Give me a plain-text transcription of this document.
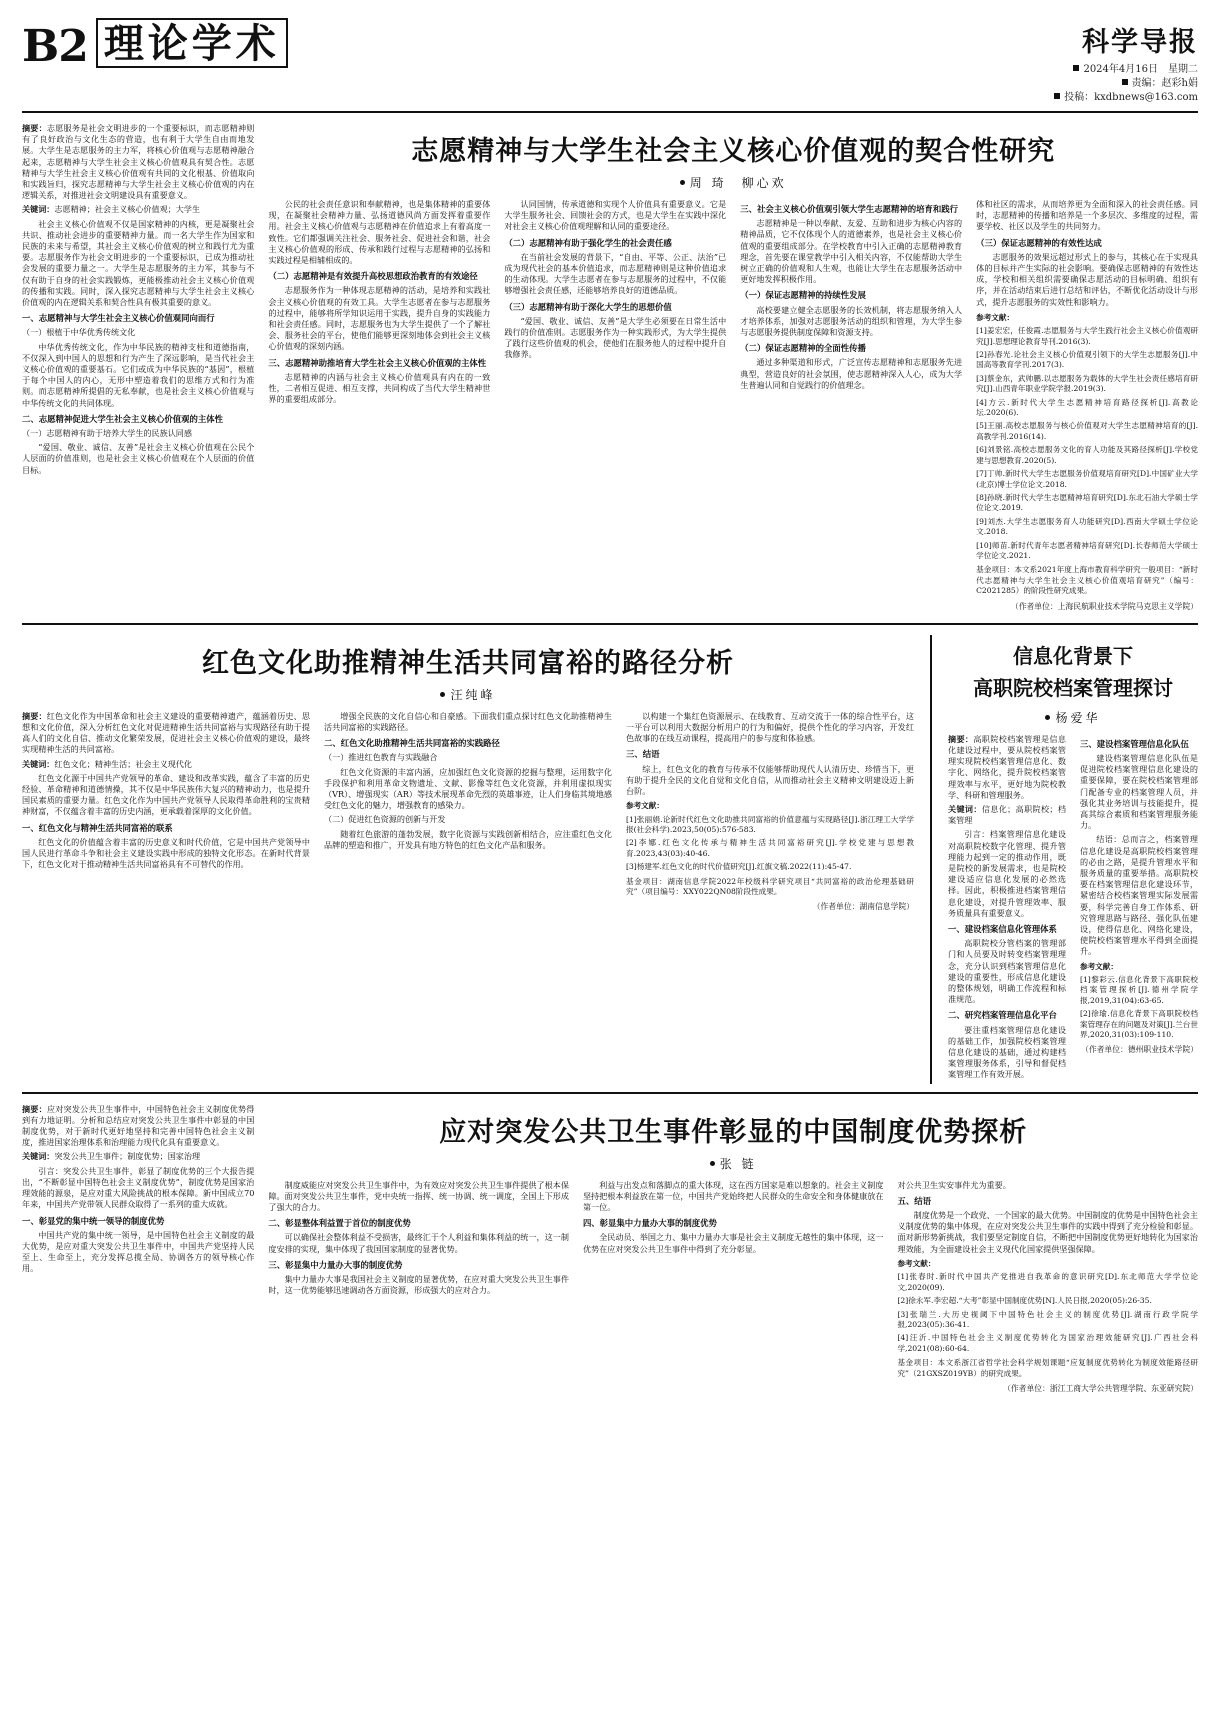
B2 理论学术	科学导报
2024年4月16日　星期二
责编：赵彩һ娟
投稿：kxdbnews@163.com

摘要：志愿服务是社会文明进步的一个重要标识，而志愿精神则有了良好政治与文化生态的营造，也有利于大学生自由而地发展。大学生是志愿服务的主力军，将核心价值观与志愿精神融合起来，志愿精神与大学生社会主义核心价值观具有契合性。志愿精神与大学生社会主义核心价值观有共同的文化根基、价值取向和实践旨归，探究志愿精神与大学生社会主义核心价值观的内在逻辑关系，对推进社会文明建设具有重要意义。

关键词：志愿精神；社会主义核心价值观；大学生

社会主义核心价值观不仅是国家精神的内核，更是凝聚社会共识、推动社会进步的重要精神力量。而一名大学生作为国家和民族的未来与希望，其社会主义核心价值观的树立和践行尤为重要。志愿服务作为社会文明进步的一个重要标识，已成为推动社会发展的重要力量之一。大学生是志愿服务的主力军，其参与不仅有助于自身的社会实践锻炼，更能极推动社会主义核心价值观的传播和实践。同时，深入探究志愿精神与大学生社会主义核心价值观的内在逻辑关系和契合性具有极其重要的意义。

一、志愿精神与大学生社会主义核心价值观同向而行

（一）根植于中华优秀传统文化

中华优秀传统文化，作为中华民族的精神支柱和道德指南，不仅深入到中国人的思想和行为产生了深远影响，是当代社会主义核心价值观的重要基石。它们或成为中华民族的“基因”，根植于每个中国人的内心，无形中塑造着我们的思维方式和行为准则。而志愿精神所提倡的无私奉献，也是社会主义核心价值观与中华传统文化的共同体现。

二、志愿精神促进大学生社会主义核心价值观的主体性

（一）志愿精神有助于培养大学生的民族认同感

“爱国、敬业、诚信、友善”是社会主义核心价值观在公民个人层面的价值准则，也是社会主义核心价值观在个人层面的价值目标。

志愿精神与大学生社会主义核心价值观的契合性研究
周 琦　柳心欢

公民的社会责任意识和奉献精神，也是集体精神的重要体现，在凝聚社会精神力量、弘扬道德风尚方面发挥着重要作用。社会主义核心价值观与志愿精神在价值追求上有着高度一致性。它们都强调关注社会、服务社会、促进社会和谐，社会主义核心价值观的形成、传承和践行过程与志愿精神的弘扬和实践过程是相辅相成的。

（二）志愿精神是有效提升高校思想政治教育的有效途径

志愿服务作为一种体现志愿精神的活动，是培养和实践社会主义核心价值观的有效工具。大学生志愿者在参与志愿服务的过程中，能够将所学知识运用于实践，提升自身的实践能力和社会责任感。同时，志愿服务也为大学生提供了一个了解社会、服务社会的平台，使他们能够更深刻地体会到社会主义核心价值观的深刻内涵。

三、志愿精神助推培育大学生社会主义核心价值观的主体性

志愿精神的内涵与社会主义核心价值观具有内在的一致性，二者相互促进、相互支撑，共同构成了当代大学生精神世界的重要组成部分。

认同国情，传承道德和实现个人价值具有重要意义。它是大学生服务社会、回馈社会的方式，也是大学生在实践中深化对社会主义核心价值观理解和认同的重要途径。

（二）志愿精神有助于强化学生的社会责任感

在当前社会发展的背景下，“自由、平等、公正、法治”已成为现代社会的基本价值追求，而志愿精神则是这种价值追求的生动体现。大学生志愿者在参与志愿服务的过程中，不仅能够增强社会责任感，还能够培养良好的道德品质。

（三）志愿精神有助于深化大学生的思想价值

“爱国、敬业、诚信、友善”是大学生必须要在日常生活中践行的价值准则。志愿服务作为一种实践形式，为大学生提供了践行这些价值观的机会，使他们在服务他人的过程中提升自我修养。

三、社会主义核心价值观引领大学生志愿精神的培育和践行

志愿精神是一种以奉献、友爱、互助和进步为核心内容的精神品质，它不仅体现个人的道德素养，也是社会主义核心价值观的重要组成部分。在学校教育中引入正确的志愿精神教育理念，首先要在课堂教学中引入相关内容，不仅能帮助大学生树立正确的价值观和人生观，也能让大学生在志愿服务活动中更好地发挥积极作用。

（一）保证志愿精神的持续性发展

高校要建立健全志愿服务的长效机制，将志愿服务纳入人才培养体系，加强对志愿服务活动的组织和管理，为大学生参与志愿服务提供制度保障和资源支持。

（二）保证志愿精神的全面性传播

通过多种渠道和形式，广泛宣传志愿精神和志愿服务先进典型，营造良好的社会氛围，使志愿精神深入人心，成为大学生普遍认同和自觉践行的价值理念。

体和社区的需求，从而培养更为全面和深入的社会责任感。同时，志愿精神的传播和培养是一个多层次、多维度的过程，需要学校、社区以及学生的共同努力。

（三）保证志愿精神的有效性达成

志愿服务的效果远超过形式上的参与，其核心在于实现具体的目标并产生实际的社会影响。要确保志愿精神的有效性达成，学校和相关组织需要确保志愿活动的目标明确、组织有序，并在活动结束后进行总结和评估，不断优化活动设计与形式，提升志愿服务的实效性和影响力。

参考文献：

[1]姜宏宏，任俊霞.志愿服务与大学生践行社会主义核心价值观研究[J].思想理论教育导刊.2016(3).

[2]孙春光.论社会主义核心价值观引领下的大学生志愿服务[J].中国高等教育学刊.2017(3).

[3]蔡金东，武帅鹏.以志愿服务为载体的大学生社会责任感培育研究[J].山西青年职业学院学报.2019(3).

[4]方云.新时代大学生志愿精神培育路径探析[J].高教论坛.2020(6).

[5]王丽.高校志愿服务与核心价值观对大学生志愿精神培育的[J].高教学刊.2016(14).

[6]刘景铭.高校志愿服务文化的育人功能及其路径探析[J].学校党建与思想教育.2020(5).

[7]丁帅.新时代大学生志愿服务价值观培育研究[D].中国矿业大学(北京)博士学位论文.2018.

[8]孙晓.新时代大学生志愿精神培育研究[D].东北石油大学硕士学位论文.2019.

[9]刘杰.大学生志愿服务育人功能研究[D].西南大学硕士学位论文.2018.

[10]师苗.新时代青年志愿者精神培育研究[D].长春师范大学硕士学位论文.2021.

基金项目：本文系2021年度上海市教育科学研究一般项目：“新时代志愿精神与大学生社会主义核心价值观培育研究”（编号：C2021285）的阶段性研究成果。

（作者单位：上海民航职业技术学院马克思主义学院）

红色文化助推精神生活共同富裕的路径分析
汪纯峰

摘要：红色文化作为中国革命和社会主义建设的重要精神遗产，蕴涵着历史、思想和文化价值，深入分析红色文化对促进精神生活共同富裕与实现路径有助于提高人们的文化自信、推动文化繁荣发展，促进社会主义核心价值观的建设，最终实现精神生活的共同富裕。

关键词：红色文化；精神生活；社会主义现代化

红色文化源于中国共产党领导的革命、建设和改革实践，蕴含了丰富的历史经验、革命精神和道德情操，其不仅是中华民族伟大复兴的精神动力，也是提升国民素质的重要力量。红色文化作为中国共产党领导人民取得革命胜利的宝贵精神财富，不仅蕴含着丰富的历史内涵，更承载着深厚的文化价值。

一、红色文化与精神生活共同富裕的联系

红色文化的价值蕴含着丰富的历史意义和时代价值，它是中国共产党领导中国人民进行革命斗争和社会主义建设实践中形成的独特文化形态。在新时代背景下，红色文化对于推动精神生活共同富裕具有不可替代的作用。

增强全民族的文化自信心和自豪感。下面我们重点探讨红色文化助推精神生活共同富裕的实践路径。

二、红色文化助推精神生活共同富裕的实践路径

（一）推进红色教育与实践融合

红色文化资源的丰富内涵，应加强红色文化资源的挖掘与整理，运用数字化手段保护和利用革命文物遗址、文献、影像等红色文化资源，并利用虚拟现实（VR）、增强现实（AR）等技术展现革命先烈的英雄事迹，让人们身临其境地感受红色文化的魅力，增强教育的感染力。

（二）促进红色资源的创新与开发

随着红色旅游的蓬勃发展，数字化资源与实践创新相结合，应注重红色文化品牌的塑造和推广，开发具有地方特色的红色文化产品和服务。

以构建一个集红色资源展示、在线教育、互动交流于一体的综合性平台，这一平台可以利用大数据分析用户的行为和偏好，提供个性化的学习内容，开发红色故事的在线互动课程，提高用户的参与度和体验感。

三、结语

综上，红色文化的教育与传承不仅能够帮助现代人认清历史、珍惜当下，更有助于提升全民的文化自觉和文化自信，从而推动社会主义精神文明建设迈上新台阶。

参考文献：

[1]张丽娟.论新时代红色文化助推共同富裕的价值意蕴与实现路径[J].浙江理工大学学报(社会科学).2023,50(05):576-583.

[2]李娜.红色文化传承与精神生活共同富裕研究[J].学校党建与思想教育.2023,43(03):40-46.

[3]杨建军.红色文化的时代价值研究[J].红旗文稿.2022(11):45-47.

基金项目：湖南信息学院2022年校级科学研究项目“共同富裕的政治伦理基础研究”（项目编号：XXY022QN08阶段性成果。

（作者单位：湖南信息学院）

信息化背景下
高职院校档案管理探讨
杨爱华

摘要：高职院校档案管理是信息化建设过程中，要从院校档案管理实现院校档案管理信息化、数字化、网络化，提升院校档案管理效率与水平，更好地为院校教学、科研和管理服务。

关键词：信息化；高职院校；档案管理

引言：档案管理信息化建设对高职院校数字化管理、提升管理能力起到一定的推动作用，既是院校的新发展需求，也是院校建设适应信息化发展的必然选择。因此，积极推进档案管理信息化建设，对提升管理效率、服务质量具有重要意义。

一、建设档案信息化管理体系

高职院校分管档案的管理部门和人员要及时转变档案管理理念，充分认识到档案管理信息化建设的重要性，形成信息化建设的整体规划，明确工作流程和标准规范。

二、研究档案管理信息化平台

要注重档案管理信息化建设的基础工作，加强院校档案管理信息化建设的基础，通过构建档案管理服务体系，引导和督促档案管理工作有效开展。

三、建设档案管理信息化队伍

建设档案管理信息化队伍是促进院校档案管理信息化建设的重要保障，要在院校档案管理部门配备专业的档案管理人员，并强化其业务培训与技能提升，提高其综合素质和档案管理服务能力。

结语：总而言之，档案管理信息化建设是高职院校档案管理的必由之路，是提升管理水平和服务质量的重要举措。高职院校要在档案管理信息化建设环节，紧密结合校档案管理实际发展需要，科学完善自身工作体系、研究管理思路与路径、强化队伍建设，使得信息化、网络化建设，使院校档案管理水平得到全面提升。

参考文献：

[1]黎彩云.信息化背景下高职院校档案管理探析[J].德州学院学报,2019,31(04):63-65.

[2]徐瑜.信息化背景下高职院校档案管理存在的问题及对策[J].兰台世界,2020,31(03):109-110.

（作者单位：德州职业技术学院）

摘要：应对突发公共卫生事件中，中国特色社会主义制度优势得到有力地证明。分析和总结应对突发公共卫生事件中彰显的中国制度优势，对于新时代更好地坚持和完善中国特色社会主义制度，推进国家治理体系和治理能力现代化具有重要意义。

关键词：突发公共卫生事件；制度优势；国家治理

引言：突发公共卫生事件，彰显了制度优势的三个大报告提出，“不断彰显中国特色社会主义制度优势”，制度优势是国家治理效能的源泉，是应对重大风险挑战的根本保障。新中国成立70年来，中国共产党带领人民群众取得了一系列的重大成就。

一、彰显党的集中统一领导的制度优势

中国共产党的集中统一领导，是中国特色社会主义制度的最大优势，是应对重大突发公共卫生事件中，中国共产党坚持人民至上、生命至上，充分发挥总揽全局、协调各方的领导核心作用。

应对突发公共卫生事件彰显的中国制度优势探析
张 链

制度威能应对突发公共卫生事件中，为有效应对突发公共卫生事件提供了根本保障。面对突发公共卫生事件，党中央统一指挥、统一协调、统一调度，全国上下形成了强大的合力。

二、彰显整体利益置于首位的制度优势

可以确保社会整体利益不受损害，最终汇于个人利益和集体利益的统一，这一制度安排的实现，集中体现了我国国家制度的显著优势。

三、彰显集中力量办大事的制度优势

集中力量办大事是我国社会主义制度的显著优势，在应对重大突发公共卫生事件时，这一优势能够迅速调动各方面资源，形成强大的应对合力。

利益与出发点和落脚点的重大体现，这在西方国家是难以想象的。社会主义制度坚持把根本利益放在第一位，中国共产党始终把人民群众的生命安全和身体健康放在第一位。

四、彰显集中力量办大事的制度优势

全民动员、举国之力、集中力量办大事是社会主义制度无越性的集中体现，这一优势在应对突发公共卫生事件中得到了充分彰显。

对公共卫生实安事件尤为重要。

五、结语

制度优势是一个政党、一个国家的最大优势。中国制度的优势是中国特色社会主义制度优势的集中体现，在应对突发公共卫生事件的实践中得到了充分检验和彰显。面对新形势新挑战，我们要坚定制度自信，不断把中国制度优势更好地转化为国家治理效能，为全面建设社会主义现代化国家提供坚强保障。

参考文献：

[1]张春时.新时代中国共产党推进自我革命的意识研究[D].东北师范大学学位论文,2020(09).

[2]徐永军.李宏超.“大考”彰显中国制度优势[N].人民日报,2020(05):26-35.

[3]张瑞兰.大历史视阈下中国特色社会主义的制度优势[J].湖南行政学院学报,2023(05):36-41.

[4]汪沂.中国特色社会主义制度优势转化为国家治理效能研究[J].广西社会科学,2021(08):60-64.

基金项目：本文系浙江省哲学社会科学规划课题“应复制度优势转化为制度效能路径研究”（21GXSZ019YB）的研究成果。

（作者单位：浙江工商大学公共管理学院、东亚研究院）
